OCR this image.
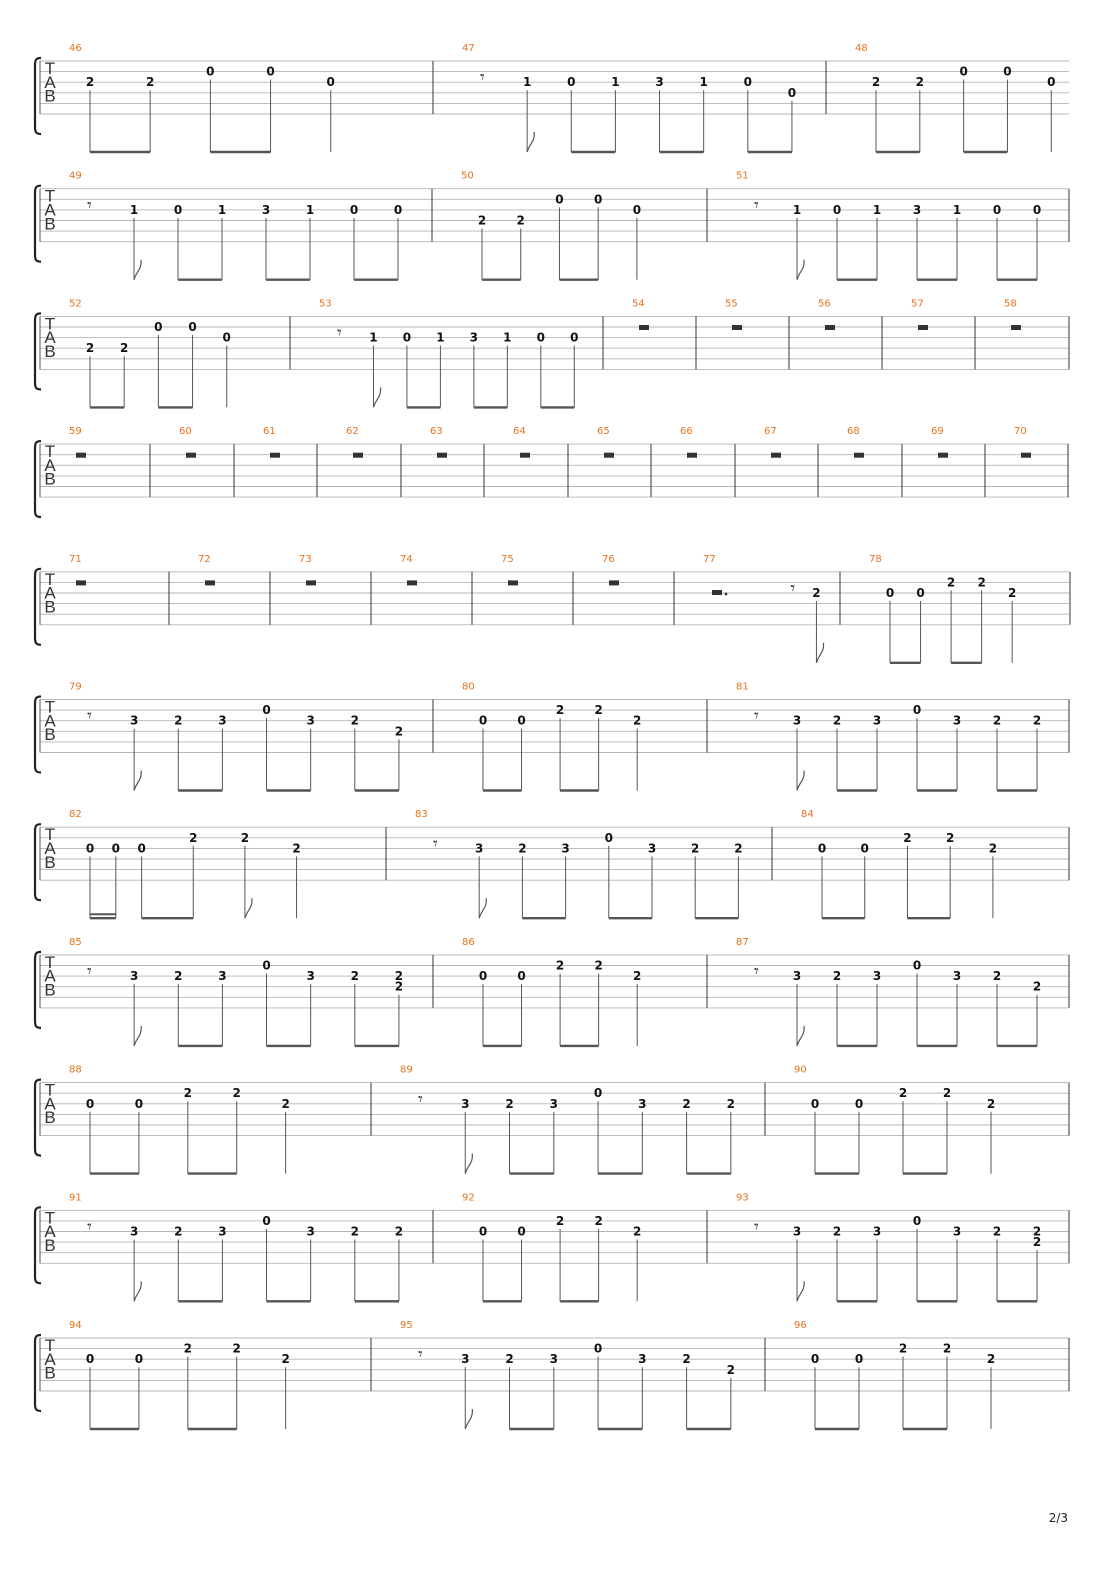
T
A
B
46
2	2
0	0
0
47
𝄾	1	0	1	3	1	0
0
48
2	2
0	0
0
T
A
B
49
𝄾	1	0	1	3	1	0	0
50
2	2
0	0
0
51
𝄾	1	0	1	3	1	0	0
T
A
B
52
2 2
0 0
0
53
𝄾 1 0 1 3 1 0 0
54	55	56	57	58
T
A
B
59	60	61	62	63	64	65	66	67	68	69	70
T
A
B
71	72	73	74	75	76	77
𝄾 2
78
0 0
2 2
2
T
A
B
79
𝄾	3	2	3
0
3	2
2
80
0	0
2	2
2
81
𝄾	3	2	3
0
3	2	2
T
A
B
82
0 0 0
2	2
2
83
𝄾	3	2	3
0
3	2	2
84
0	0
2	2
2
T
A
B
85
𝄾	3	2	3
0
3	2	2
2
86
0	0
2	2
2
87
𝄾	3	2	3
0
3	2
2
T
A
B
88
0	0
2	2
2
89
𝄾	3	2	3
0
3	2	2
90
0	0
2	2
2
T
A
B
91
𝄾	3	2	3
0
3	2	2
92
0	0
2	2
2
93
𝄾	3	2	3
0
3	2	2
2
T
A
B
94
0	0
2	2
2
95
𝄾	3	2	3
0
3	2
2
96
0	0
2	2
2
2/3
